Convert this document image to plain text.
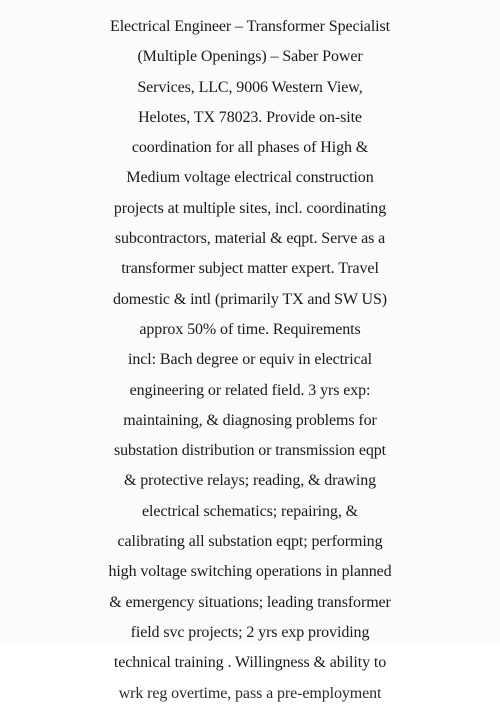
Electrical Engineer – Transformer Specialist
(Multiple Openings) – Saber Power
Services, LLC, 9006 Western View,
Helotes, TX 78023. Provide on-site
coordination for all phases of High &
Medium voltage electrical construction
projects at multiple sites, incl. coordinating
subcontractors, material & eqpt. Serve as a
transformer subject matter expert. Travel
domestic & intl (primarily TX and SW US)
approx 50% of time. Requirements
incl: Bach degree or equiv in electrical
engineering or related field. 3 yrs exp:
maintaining, & diagnosing problems for
substation distribution or transmission eqpt
& protective relays; reading, & drawing
electrical schematics; repairing, &
calibrating all substation eqpt; performing
high voltage switching operations in planned
& emergency situations; leading transformer
field svc projects; 2 yrs exp providing
technical training . Willingness & ability to
wrk reg overtime, pass a pre-employment
